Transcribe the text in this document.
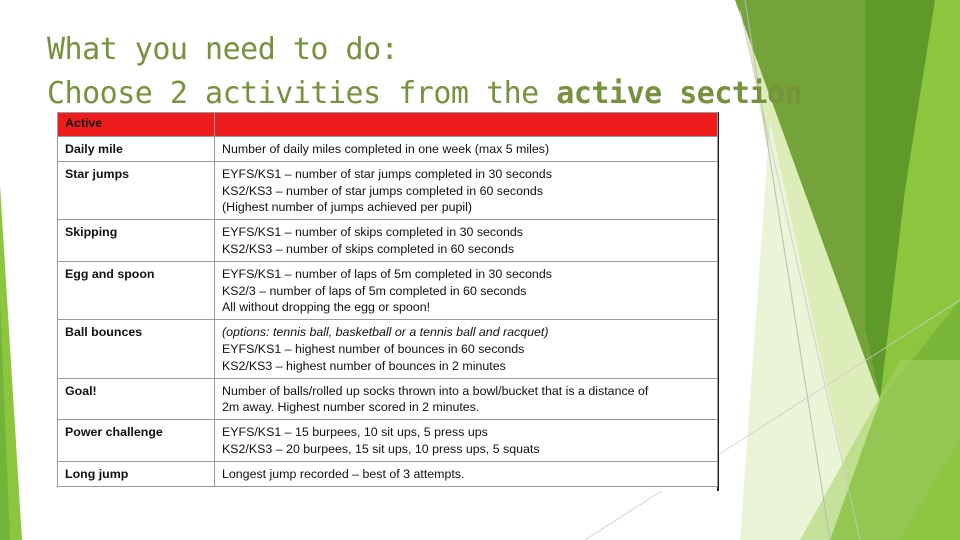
What you need to do:
Choose 2 activities from the active section
Active	
Daily mile	Number of daily miles completed in one week (max 5 miles)

Star jumps	EYFS/KS1 – number of star jumps completed in 30 seconds
KS2/KS3 – number of star jumps completed in 60 seconds
(Highest number of jumps achieved per pupil)

Skipping	EYFS/KS1 – number of skips completed in 30 seconds
KS2/KS3 – number of skips completed in 60 seconds

Egg and spoon	EYFS/KS1 – number of laps of 5m completed in 30 seconds
KS2/3 – number of laps of 5m completed in 60 seconds
All without dropping the egg or spoon!

Ball bounces	(options: tennis ball, basketball or a tennis ball and racquet)
EYFS/KS1 – highest number of bounces in 60 seconds
KS2/KS3 – highest number of bounces in 2 minutes

Goal!	Number of balls/rolled up socks thrown into a bowl/bucket that is a distance of
2m away. Highest number scored in 2 minutes.

Power challenge	EYFS/KS1 – 15 burpees, 10 sit ups, 5 press ups
KS2/KS3 – 20 burpees, 15 sit ups, 10 press ups, 5 squats

Long jump	Longest jump recorded – best of 3 attempts.
